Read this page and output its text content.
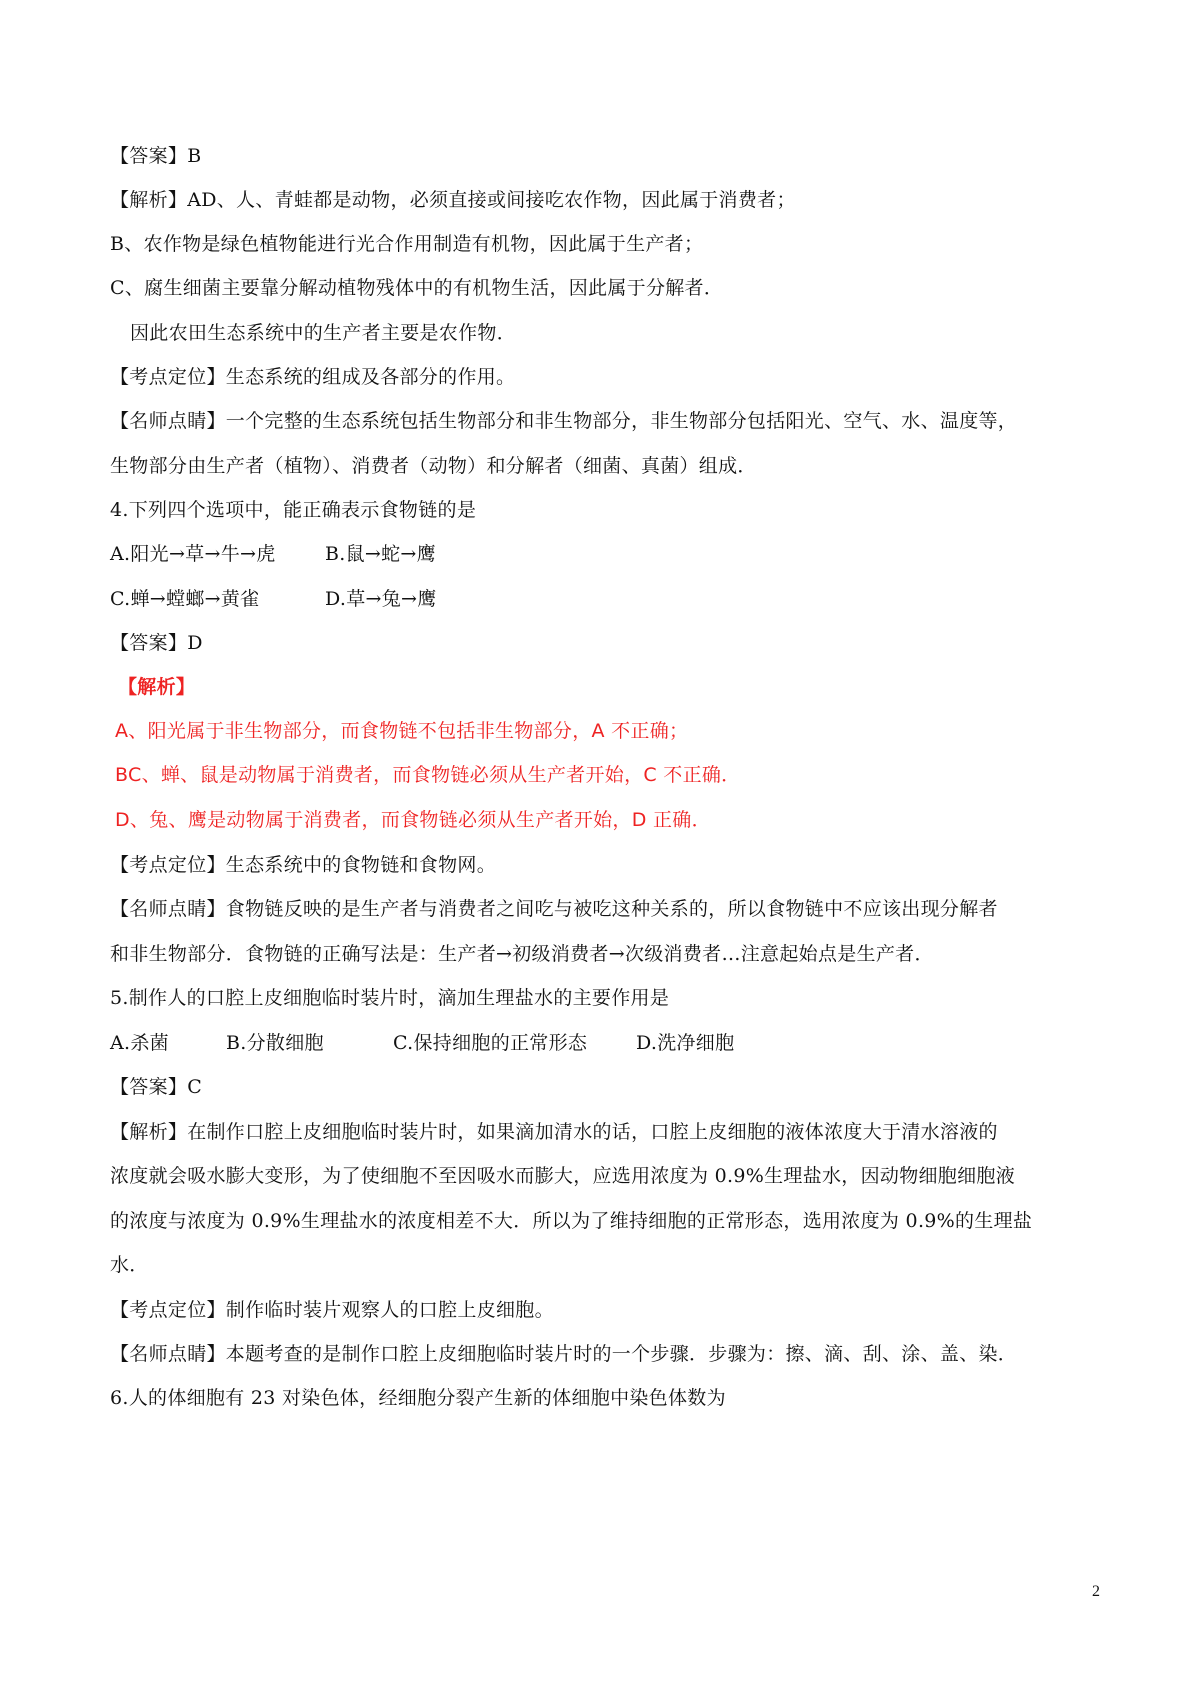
【答案】B
【解析】AD、人、青蛙都是动物，必须直接或间接吃农作物，因此属于消费者；
B、农作物是绿色植物能进行光合作用制造有机物，因此属于生产者；
C、腐生细菌主要靠分解动植物残体中的有机物生活，因此属于分解者．
因此农田生态系统中的生产者主要是农作物．
【考点定位】生态系统的组成及各部分的作用。
【名师点睛】一个完整的生态系统包括生物部分和非生物部分，非生物部分包括阳光、空气、水、温度等，
生物部分由生产者（植物）、消费者（动物）和分解者（细菌、真菌）组成．
4.下列四个选项中，能正确表示食物链的是
A.阳光→草→牛→虎	B.鼠→蛇→鹰
C.蝉→螳螂→黄雀	D.草→兔→鹰
【答案】D
【解析】
A、阳光属于非生物部分，而食物链不包括非生物部分，A 不正确；
BC、蝉、鼠是动物属于消费者，而食物链必须从生产者开始，C 不正确．
D、兔、鹰是动物属于消费者，而食物链必须从生产者开始，D 正确．
【考点定位】生态系统中的食物链和食物网。
【名师点睛】食物链反映的是生产者与消费者之间吃与被吃这种关系的，所以食物链中不应该出现分解者
和非生物部分．食物链的正确写法是：生产者→初级消费者→次级消费者…注意起始点是生产者．
5.制作人的口腔上皮细胞临时装片时，滴加生理盐水的主要作用是
A.杀菌	B.分散细胞	C.保持细胞的正常形态	D.洗净细胞
【答案】C
【解析】在制作口腔上皮细胞临时装片时，如果滴加清水的话，口腔上皮细胞的液体浓度大于清水溶液的
浓度就会吸水膨大变形，为了使细胞不至因吸水而膨大，应选用浓度为 0.9%生理盐水，因动物细胞细胞液
的浓度与浓度为 0.9%生理盐水的浓度相差不大．所以为了维持细胞的正常形态，选用浓度为 0.9%的生理盐
水．
【考点定位】制作临时装片观察人的口腔上皮细胞。
【名师点睛】本题考查的是制作口腔上皮细胞临时装片时的一个步骤．步骤为：擦、滴、刮、涂、盖、染．
6.人的体细胞有 23 对染色体，经细胞分裂产生新的体细胞中染色体数为
2
